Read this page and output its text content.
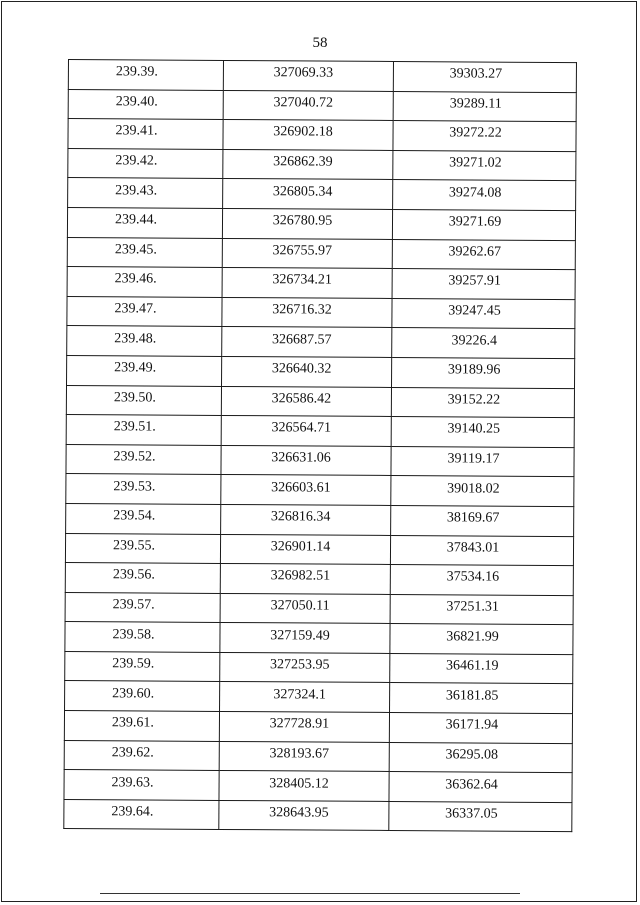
58
239.39.	327069.33	39303.27
239.40.	327040.72	39289.11
239.41.	326902.18	39272.22
239.42.	326862.39	39271.02
239.43.	326805.34	39274.08
239.44.	326780.95	39271.69
239.45.	326755.97	39262.67
239.46.	326734.21	39257.91
239.47.	326716.32	39247.45
239.48.	326687.57	39226.4
239.49.	326640.32	39189.96
239.50.	326586.42	39152.22
239.51.	326564.71	39140.25
239.52.	326631.06	39119.17
239.53.	326603.61	39018.02
239.54.	326816.34	38169.67
239.55.	326901.14	37843.01
239.56.	326982.51	37534.16
239.57.	327050.11	37251.31
239.58.	327159.49	36821.99
239.59.	327253.95	36461.19
239.60.	327324.1	36181.85
239.61.	327728.91	36171.94
239.62.	328193.67	36295.08
239.63.	328405.12	36362.64
239.64.	328643.95	36337.05
